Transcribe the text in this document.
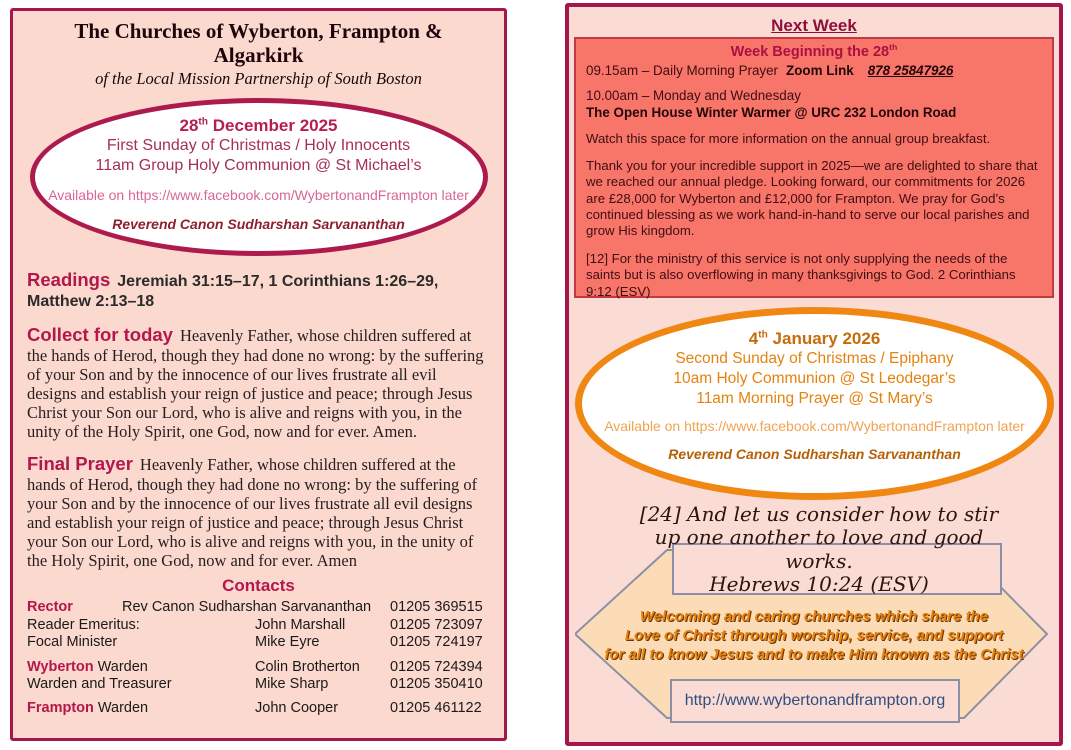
The Churches of Wyberton, Frampton & Algarkirk
of the Local Mission Partnership of South Boston
28th December 2025
First Sunday of Christmas / Holy Innocents
11am Group Holy Communion @ St Michael’s
Available on https://www.facebook.com/WybertonandFrampton later
Reverend Canon Sudharshan Sarvananthan
Readings Jeremiah 31:15–17, 1 Corinthians 1:26–29, Matthew 2:13–18
Collect for today Heavenly Father, whose children suffered at the hands of Herod, though they had done no wrong: by the suffering of your Son and by the innocence of our lives frustrate all evil designs and establish your reign of justice and peace; through Jesus Christ your Son our Lord, who is alive and reigns with you, in the unity of the Holy Spirit, one God, now and for ever. Amen.
Final Prayer Heavenly Father, whose children suffered at the hands of Herod, though they had done no wrong: by the suffering of your Son and by the innocence of our lives frustrate all evil designs and establish your reign of justice and peace; through Jesus Christ your Son our Lord, who is alive and reigns with you, in the unity of the Holy Spirit, one God, now and for ever. Amen
Contacts
Rector	Rev Canon Sudharshan Sarvananthan	01205 369515
Reader Emeritus:	John Marshall	01205 723097
Focal Minister	Mike Eyre	01205 724197
Wyberton Warden	Colin Brotherton	01205 724394
Warden and Treasurer	Mike Sharp	01205 350410
Frampton Warden	John Cooper	01205 461122
Next Week
Week Beginning the 28th
09.15am – Daily Morning Prayer Zoom Link 878 25847926
10.00am – Monday and Wednesday
The Open House Winter Warmer @ URC 232 London Road
Watch this space for more information on the annual group breakfast.
Thank you for your incredible support in 2025—we are delighted to share that we reached our annual pledge. Looking forward, our commitments for 2026 are £28,000 for Wyberton and £12,000 for Frampton. We pray for God’s continued blessing as we work hand-in-hand to serve our local parishes and grow His kingdom.
[12] For the ministry of this service is not only supplying the needs of the saints but is also overflowing in many thanksgivings to God. 2 Corinthians 9:12 (ESV)
4th January 2026
Second Sunday of Christmas / Epiphany
10am Holy Communion @ St Leodegar’s
11am Morning Prayer @ St Mary’s
Available on https://www.facebook.com/WybertonandFrampton later
Reverend Canon Sudharshan Sarvananthan
[24] And let us consider how to stir
up one another to love and good works.
Hebrews 10:24 (ESV)
Welcoming and caring churches which share the
Love of Christ through worship, service, and support
for all to know Jesus and to make Him known as the Christ
http://www.wybertonandframpton.org
